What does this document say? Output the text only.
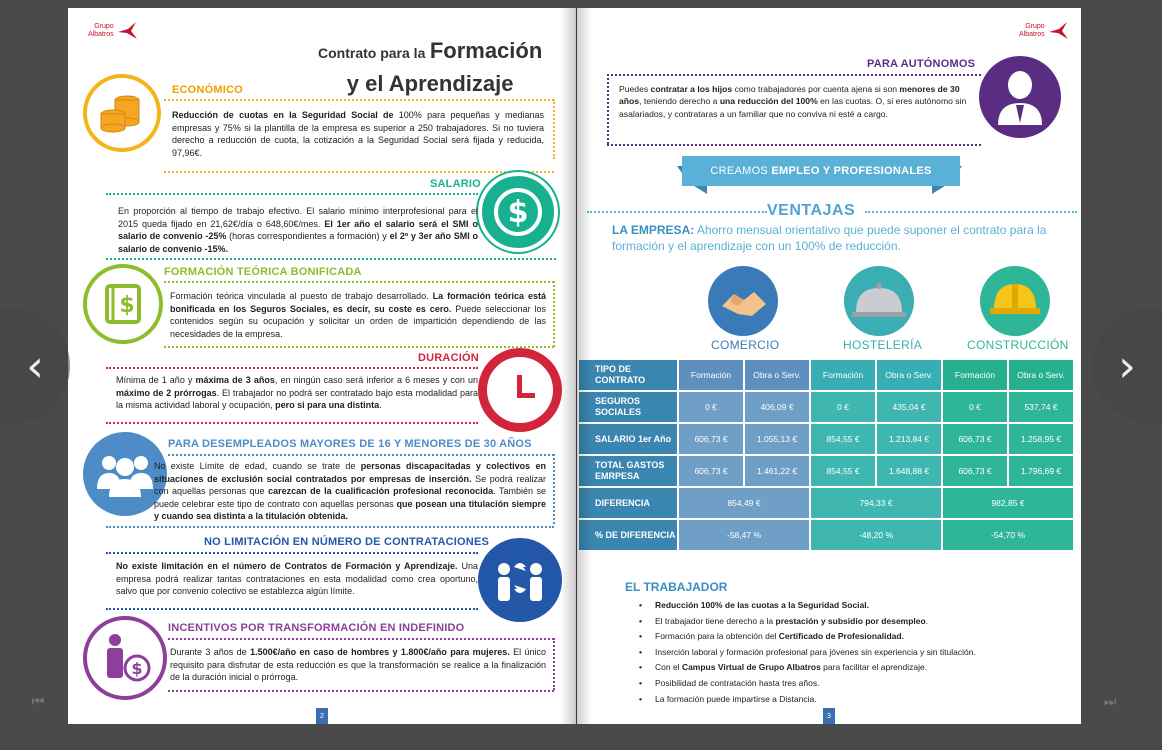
Grupo
Albatros
Contrato para la Formación
y el Aprendizaje
ECONÓMICO
Reducción de cuotas en la Seguridad Social de 100% para pequeñas y medianas empresas y 75% si la plantilla de la empresa es superior a 250 trabajadores. Si no tuviera derecho a reducción de cuota, la cotización a la Seguridad Social será fijada y reducida, 97,96€.
SALARIO
$
En proporción al tiempo de trabajo efectivo. El salario mínimo interprofesional para el 2015 queda fijado en 21,62€/día o 648,60€/mes. El 1er año el salario será el SMI o salario de convenio -25% (horas correspondientes a formación) y el 2º y 3er año SMI o salario de convenio -15%.
$
FORMACIÓN TEÓRICA BONIFICADA
Formación teórica vinculada al puesto de trabajo desarrollado. La formación teórica está bonificada en los Seguros Sociales, es decir, su coste es cero. Puede seleccionar los contenidos según su ocupación y solicitar un orden de impartición dependiendo de las necesidades de la empresa.
DURACIÓN
Mínima de 1 año y máxima de 3 años, en ningún caso será inferior a 6 meses y con un máximo de 2 prórrogas. El trabajador no podrá ser contratado bajo esta modalidad para la misma actividad laboral y ocupación, pero si para una distinta.
PARA DESEMPLEADOS MAYORES DE 16 Y MENORES DE 30 AÑOS
No existe Límite de edad, cuando se trate de personas discapacitadas y colectivos en situaciones de exclusión social contratados por empresas de inserción. Se podrá realizar con aquellas personas que carezcan de la cualificación profesional reconocida. También se puede celebrar este tipo de contrato con aquellas personas que posean una titulación siempre y cuando sea distinta a la titulación obtenida.
NO LIMITACIÓN EN NÚMERO DE CONTRATACIONES
No existe limitación en el número de Contratos de Formación y Aprendizaje. Una empresa podrá realizar tantas contrataciones en esta modalidad como crea oportuno, salvo que por convenio colectivo se establezca algún límite.
$
INCENTIVOS POR TRANSFORMACIÓN EN INDEFINIDO
Durante 3 años de 1.500€/año en caso de hombres y 1.800€/año para mujeres. El único requisito para disfrutar de esta reducción es que la transformación se realice a la finalización de la duración inicial o prórroga.
2
Grupo
Albatros
PARA AUTÓNOMOS
Puedes contratar a los hijos como trabajadores por cuenta ajena si son menores de 30 años, teniendo derecho a una reducción del 100% en las cuotas. O, si eres autónomo sin asalariados, y contrataras a un familiar que no conviva ni esté a cargo.
CREAMOS
EMPLEO Y PROFESIONALES
VENTAJAS
LA EMPRESA: Ahorro mensual orientativo que puede suponer el contrato para la formación y el aprendizaje con un 100% de reducción.
COMERCIO	HOSTELERÍA	CONSTRUCCIÓN
TIPO DE CONTRATO	Formación	Obra o Serv.	Formación	Obra o Serv.	Formación	Obra o Serv.
SEGUROS SOCIALES	0 €	406,09 €	0 €	435,04 €	0 €	537,74 €
SALARIO 1er Año	606,73 €	1.055,13 €	854,55 €	1.213,84 €	606,73 €	1.258,95 €
TOTAL GASTOS EMRPESA	606,73 €	1.461,22 €	854,55 €	1.648,88 €	606,73 €	1.796,69 €
DIFERENCIA	854,49 €		794,33 €		982,85 €	
% DE DIFERENCIA	-58,47 %		-48,20 %		-54,70 %	
EL TRABAJADOR
• Reducción 100% de las cuotas a la Seguridad Social.
• El trabajador tiene derecho a la prestación y subsidio por desempleo.
• Formación para la obtención del Certificado de Profesionalidad.
• Inserción laboral y formación profesional para jóvenes sin experiencia y sin titulación.
• Con el Campus Virtual de Grupo Albatros para facilitar el aprendizaje.
• Posibilidad de contratación hasta tres años.
• La formación puede impartirse a Distancia.
3
‹	›
⏮	⏭
